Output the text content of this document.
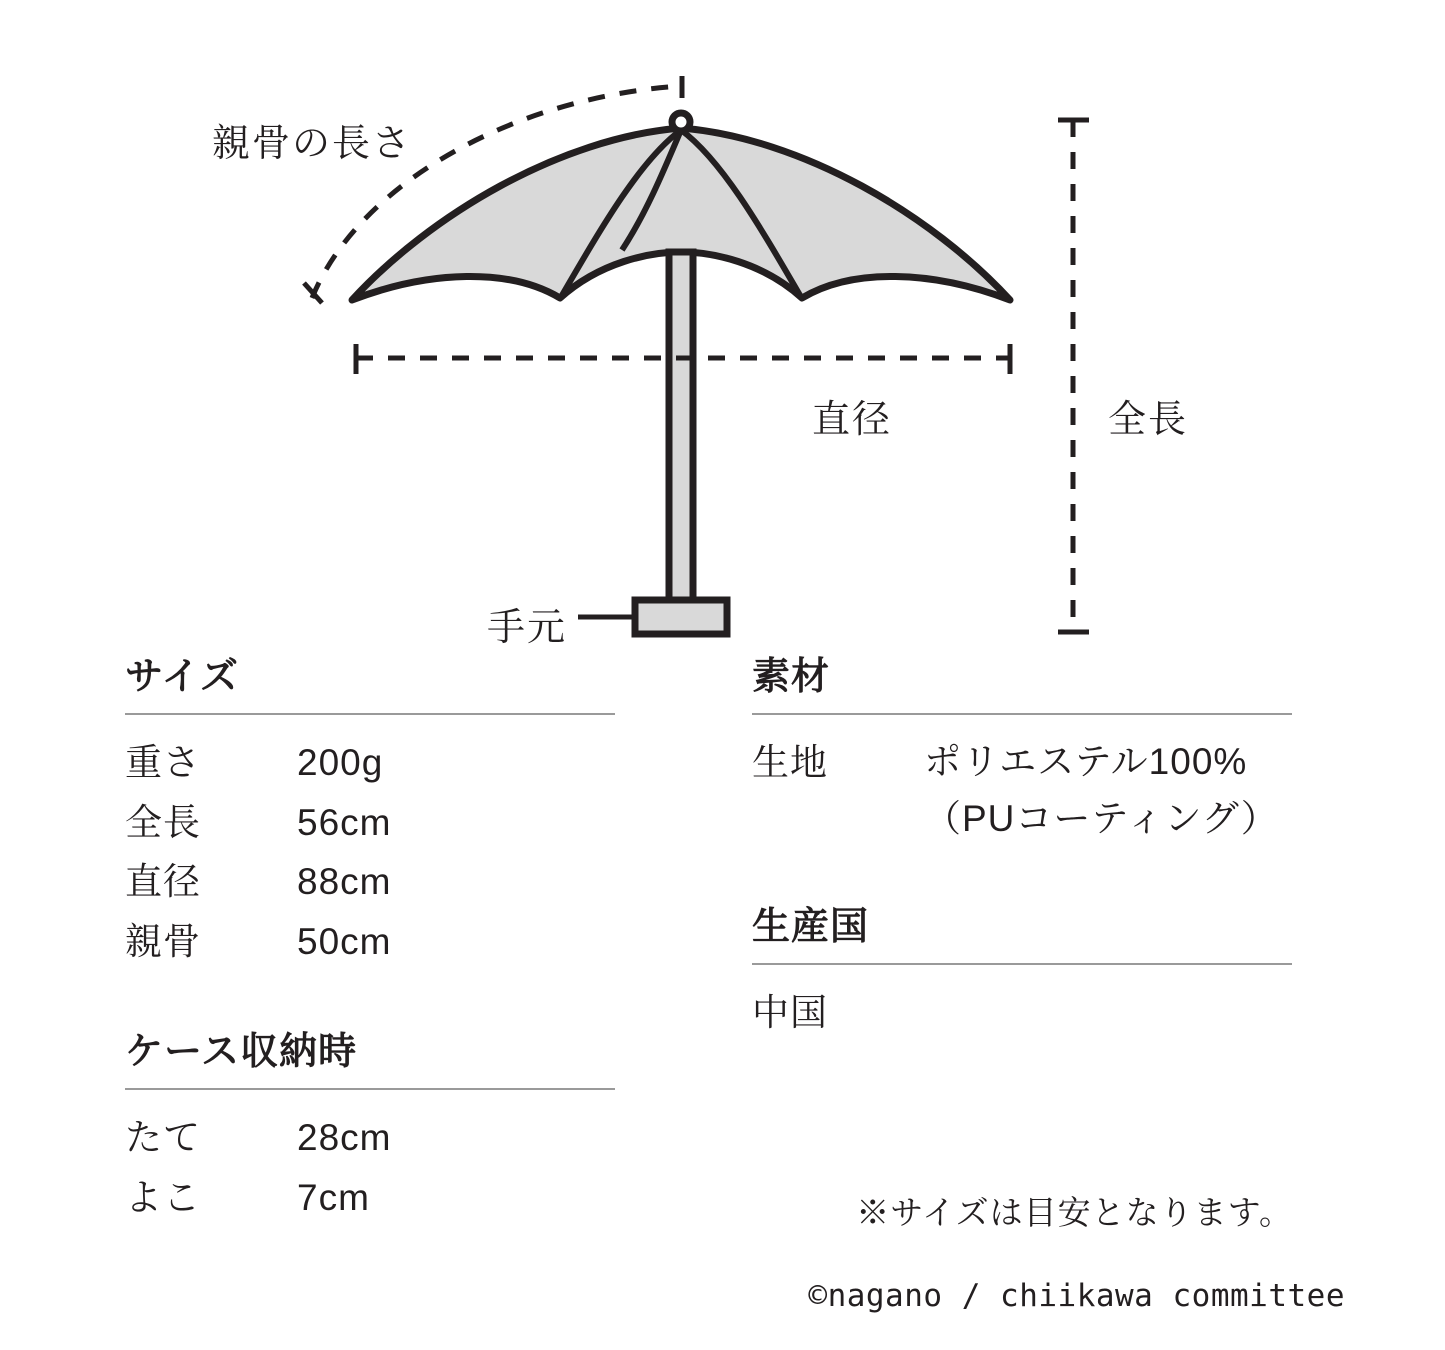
親骨の長さ
直径	全長
手元
サイズ
重さ	200g
全長	56cm
直径	88cm
親骨	50cm
ケース収納時
たて	28cm
よこ	7cm
素材
生地	ポリエステル100%
（PUコーティング）
生産国
中国
※サイズは目安となります。
©nagano / chiikawa committee
